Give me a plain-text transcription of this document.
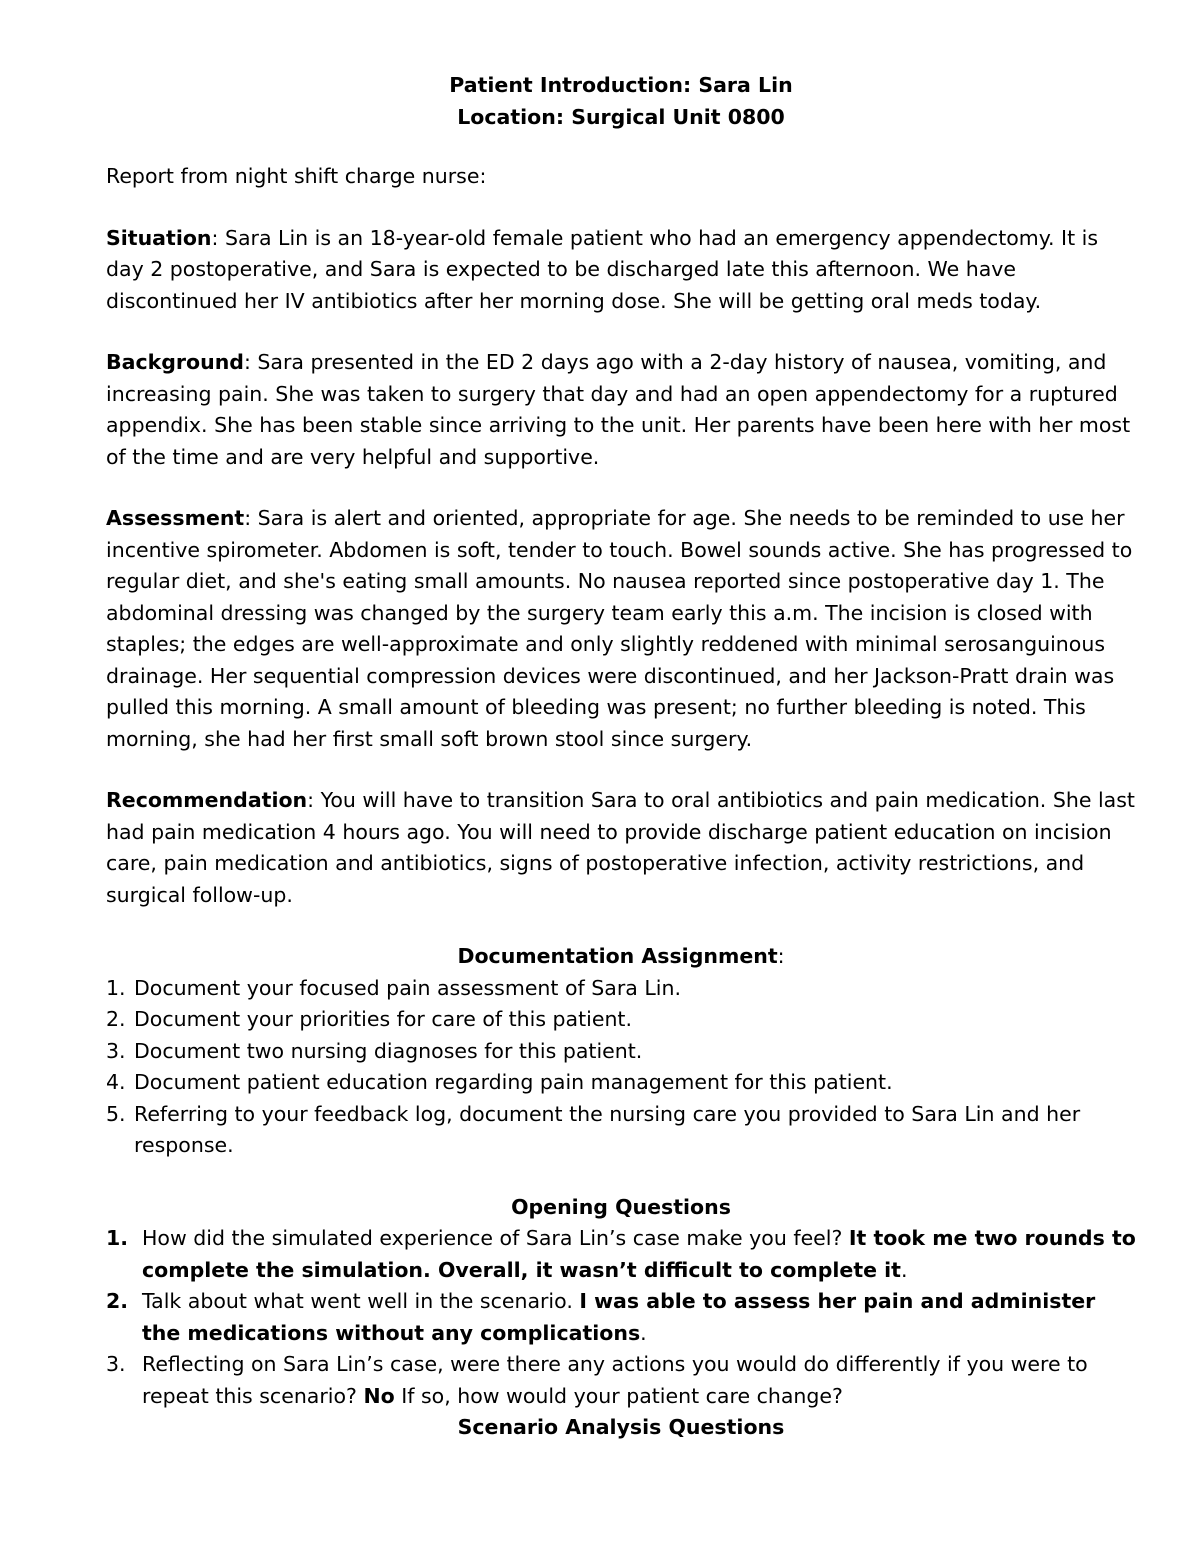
Patient Introduction: Sara Lin
Location: Surgical Unit 0800

Report from night shift charge nurse:

Situation: Sara Lin is an 18-year-old female patient who had an emergency appendectomy. It is day 2 postoperative, and Sara is expected to be discharged late this afternoon. We have discontinued her IV antibiotics after her morning dose. She will be getting oral meds today.

Background: Sara presented in the ED 2 days ago with a 2-day history of nausea, vomiting, and increasing pain. She was taken to surgery that day and had an open appendectomy for a ruptured appendix. She has been stable since arriving to the unit. Her parents have been here with her most of the time and are very helpful and supportive.

Assessment: Sara is alert and oriented, appropriate for age. She needs to be reminded to use her incentive spirometer. Abdomen is soft, tender to touch. Bowel sounds active. She has progressed to regular diet, and she's eating small amounts. No nausea reported since postoperative day 1. The abdominal dressing was changed by the surgery team early this a.m. The incision is closed with staples; the edges are well-approximate and only slightly reddened with minimal serosanguinous drainage. Her sequential compression devices were discontinued, and her Jackson-Pratt drain was pulled this morning. A small amount of bleeding was present; no further bleeding is noted. This morning, she had her first small soft brown stool since surgery.

Recommendation: You will have to transition Sara to oral antibiotics and pain medication. She last had pain medication 4 hours ago. You will need to provide discharge patient education on incision care, pain medication and antibiotics, signs of postoperative infection, activity restrictions, and surgical follow-up.

Documentation Assignment:
1. Document your focused pain assessment of Sara Lin.
2. Document your priorities for care of this patient.
3. Document two nursing diagnoses for this patient.
4. Document patient education regarding pain management for this patient.
5. Referring to your feedback log, document the nursing care you provided to Sara Lin and her response.
Opening Questions
1. How did the simulated experience of Sara Lin’s case make you feel? It took me two rounds to complete the simulation. Overall, it wasn’t difficult to complete it.
2. Talk about what went well in the scenario. I was able to assess her pain and administer the medications without any complications.
3. Reflecting on Sara Lin’s case, were there any actions you would do differently if you were to repeat this scenario? No If so, how would your patient care change?
Scenario Analysis Questions
